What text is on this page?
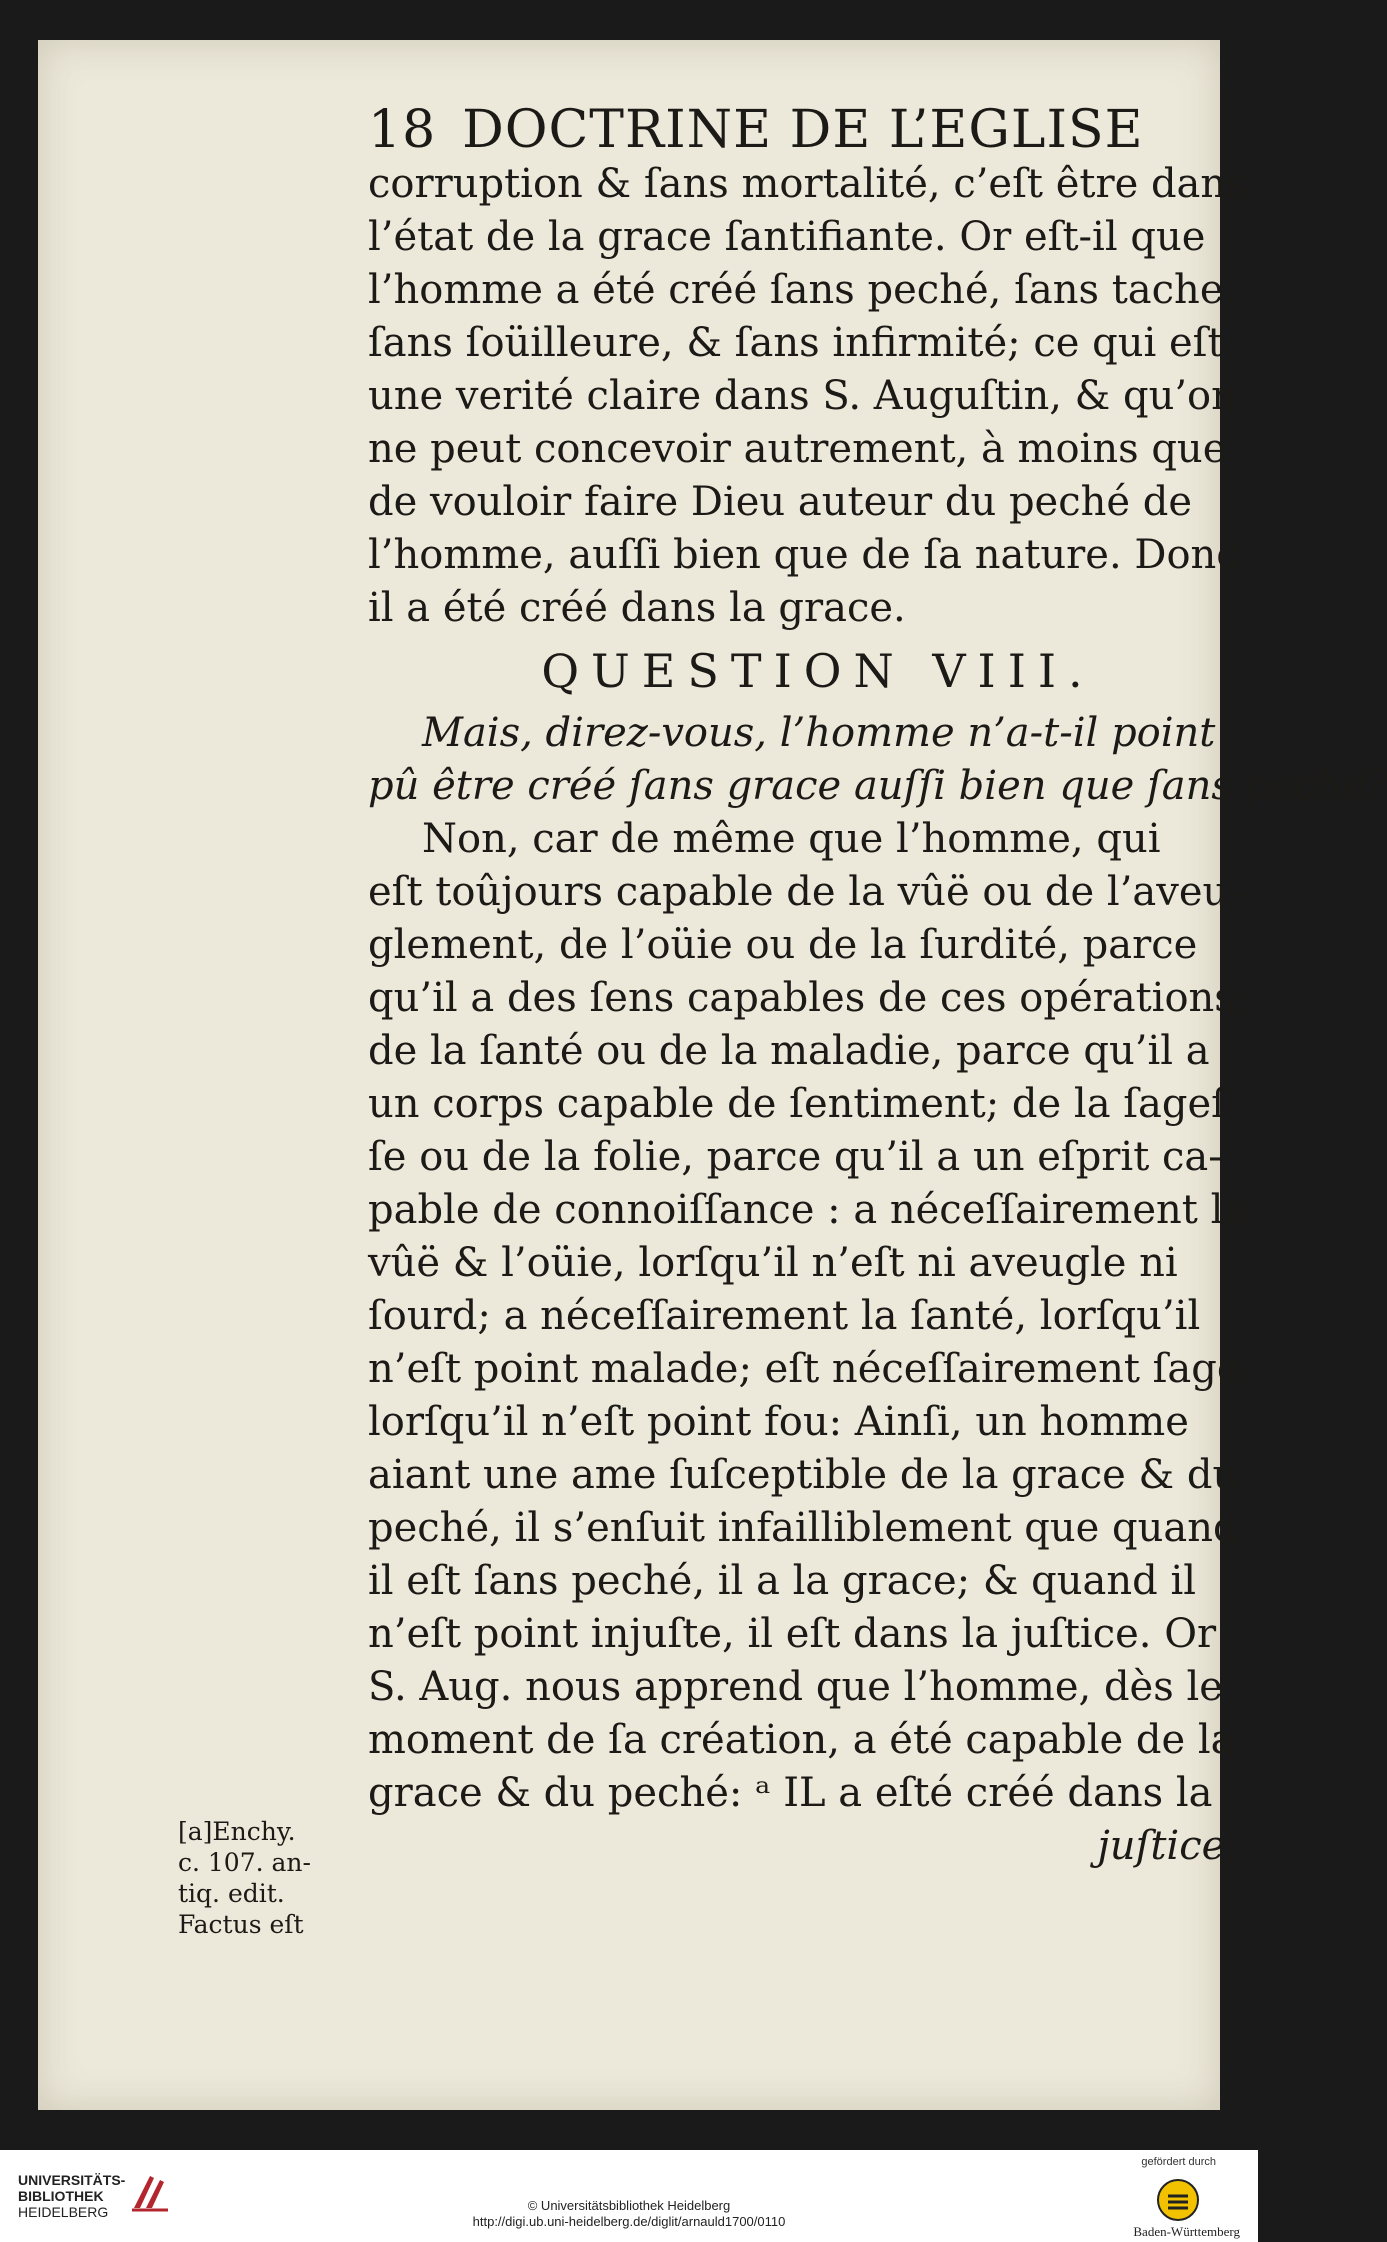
18 DOCTRINE DE L’EGLISE
corruption & ſans mortalité, c’eſt être dans
l’état de la grace ſantifiante. Or eſt-il que
l’homme a été créé ſans peché, ſans tache,
ſans ſoüilleure, & ſans infirmité; ce qui eſt
une verité claire dans S. Auguſtin, & qu’on
ne peut concevoir autrement, à moins que
de vouloir faire Dieu auteur du peché de
l’homme, auſſi bien que de ſa nature. Donc
il a été créé dans la grace.
QUESTION VIII.
Mais, direz-vous, l’homme n’a-t-il point
pû être créé ſans grace auſſi bien que ſans peché?
Non, car de même que l’homme, qui
eſt toûjours capable de la vûë ou de l’aveu-
glement, de l’oüie ou de la ſurdité, parce
qu’il a des ſens capables de ces opérations;
de la ſanté ou de la maladie, parce qu’il a
un corps capable de ſentiment; de la ſageſ-
ſe ou de la folie, parce qu’il a un eſprit ca-
pable de connoiſſance : a néceſſairement la
vûë & l’oüie, lorſqu’il n’eſt ni aveugle ni
ſourd; a néceſſairement la ſanté, lorſqu’il
n’eſt point malade; eſt néceſſairement ſage,
lorſqu’il n’eſt point fou: Ainſi, un homme
aiant une ame ſuſceptible de la grace & du
peché, il s’enſuit infailliblement que quand
il eſt ſans peché, il a la grace; & quand il
n’eſt point injuſte, il eſt dans la juſtice. Or
S. Aug. nous apprend que l’homme, dès le
moment de ſa création, a été capable de la
grace & du peché: ᵃ IL a eſté créé dans la
juſtice,
[a]Enchy.
c. 107. an-
tiq. edit.
Factus eſt
UNIVERSITÄTS-
BIBLIOTHEK
HEIDELBERG	© Universitätsbibliothek Heidelberg
http://digi.ub.uni-heidelberg.de/diglit/arnauld1700/0110
gefördert durch
Baden-Württemberg
